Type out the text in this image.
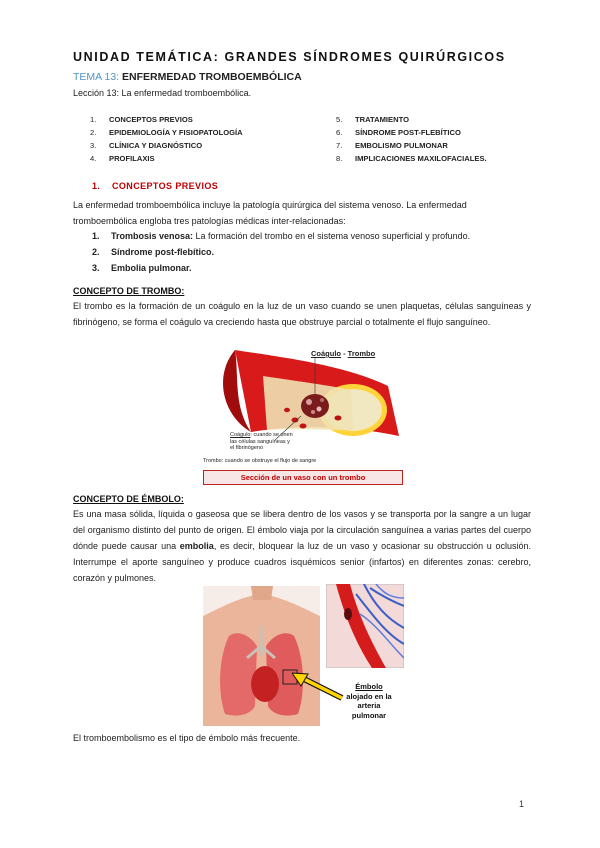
UNIDAD TEMÁTICA: GRANDES SÍNDROMES QUIRÚRGICOS
TEMA 13: ENFERMEDAD TROMBOEMBÓLICA
Lección 13: La enfermedad tromboembólica.
1. CONCEPTOS PREVIOS
2. EPIDEMIOLOGÍA Y FISIOPATOLOGÍA
3. CLÍNICA Y DIAGNÓSTICO
4. PROFILAXIS
5. TRATAMIENTO
6. SÍNDROME POST-FLEBÍTICO
7. EMBOLISMO PULMONAR
8. IMPLICACIONES MAXILOFACIALES.
1. CONCEPTOS PREVIOS
La enfermedad tromboembólica incluye la patología quirúrgica del sistema venoso. La enfermedad
tromboembólica engloba tres patologías médicas inter-relacionadas:
1. Trombosis venosa: La formación del trombo en el sistema venoso superficial y profundo.
2. Síndrome post-flebítico.
3. Embolia pulmonar.
CONCEPTO DE TROMBO:
El trombo es la formación de un coágulo en la luz de un vaso cuando se unen plaquetas, células sanguíneas y fibrinógeno, se forma el coágulo va creciendo hasta que obstruye parcial o totalmente el flujo sanguíneo.
Coágulo - Trombo
Coágulo: cuando se unen
las células sanguíneas y
el fibrinógeno
Trombo: cuando se obstruye el flujo de sangre
Sección de un vaso con un trombo
CONCEPTO DE ÉMBOLO:
Es una masa sólida, líquida o gaseosa que se libera dentro de los vasos y se transporta por la sangre a un lugar del organismo distinto del punto de origen. El émbolo viaja por la circulación sanguínea a varias partes del cuerpo dónde puede causar una embolia, es decir, bloquear la luz de un vaso y ocasionar su obstrucción u oclusión. Interrumpe el aporte sanguíneo y produce cuadros isquémicos senior (infartos) en diferentes zonas: cerebro, corazón y pulmones.
Émbolo
alojado en la
arteria
pulmonar
El tromboembolismo es el tipo de émbolo más frecuente.
1
